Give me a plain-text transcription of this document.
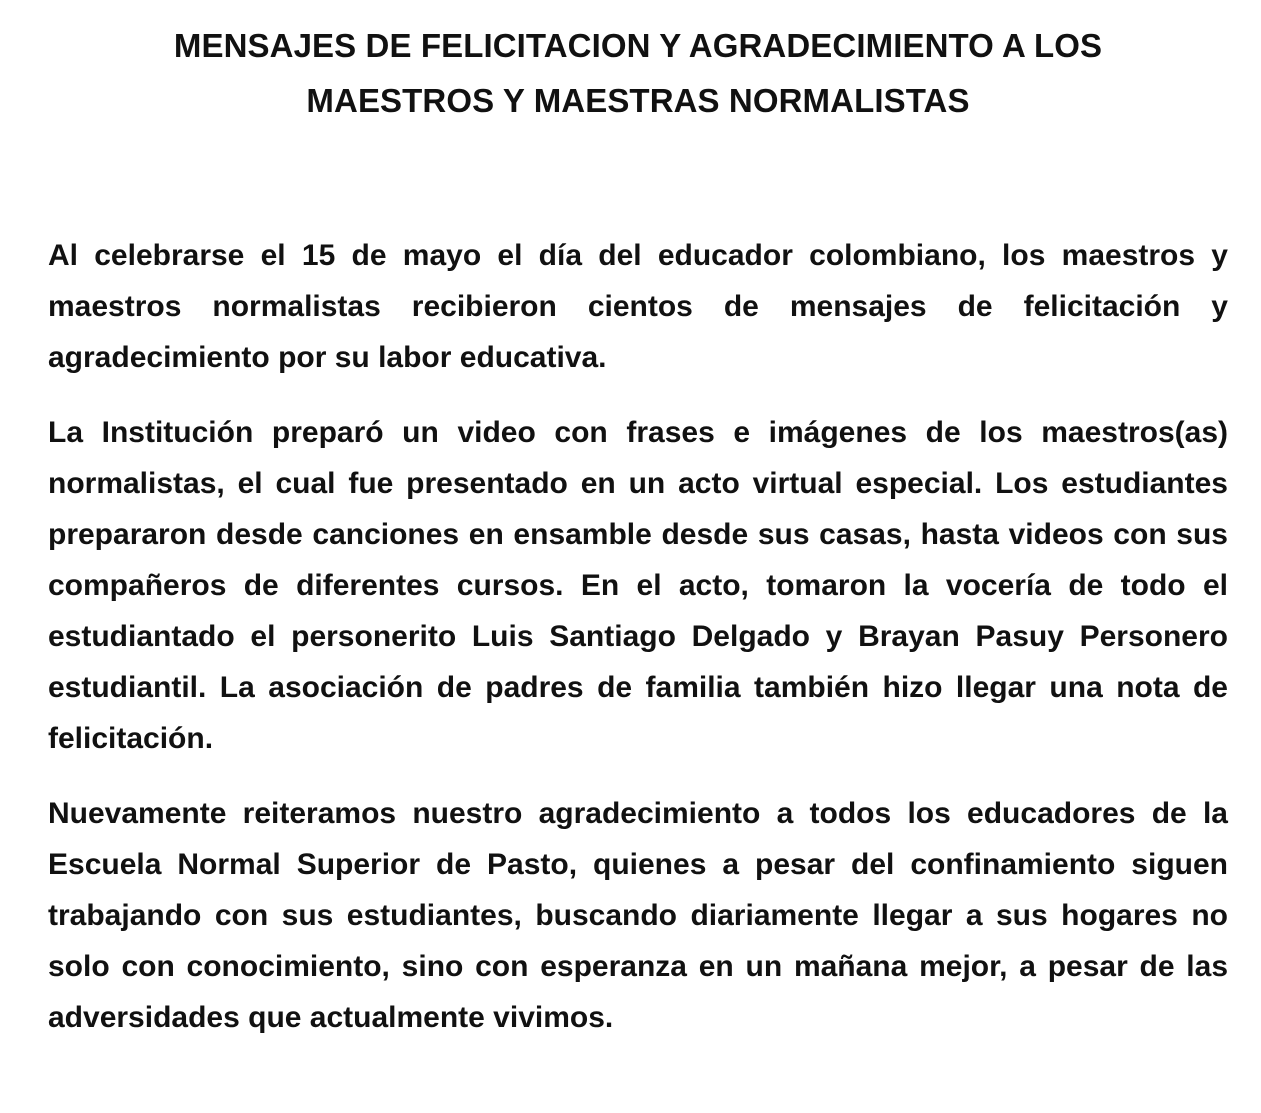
MENSAJES DE FELICITACION Y AGRADECIMIENTO A LOS
MAESTROS Y MAESTRAS NORMALISTAS

Al celebrarse el 15 de mayo el día del educador colombiano, los maestros y maestros normalistas recibieron cientos de mensajes de felicitación y agradecimiento por su labor educativa.

La Institución preparó un video con frases e imágenes de los maestros(as) normalistas, el cual fue presentado en un acto virtual especial. Los estudiantes prepararon desde canciones en ensamble desde sus casas, hasta videos con sus compañeros de diferentes cursos. En el acto, tomaron la vocería de todo el estudiantado el personerito Luis Santiago Delgado y Brayan Pasuy Personero estudiantil. La asociación de padres de familia también hizo llegar una nota de felicitación.

Nuevamente reiteramos nuestro agradecimiento a todos los educadores de la Escuela Normal Superior de Pasto, quienes a pesar del confinamiento siguen trabajando con sus estudiantes, buscando diariamente llegar a sus hogares no solo con conocimiento, sino con esperanza en un mañana mejor, a pesar de las adversidades que actualmente vivimos.
